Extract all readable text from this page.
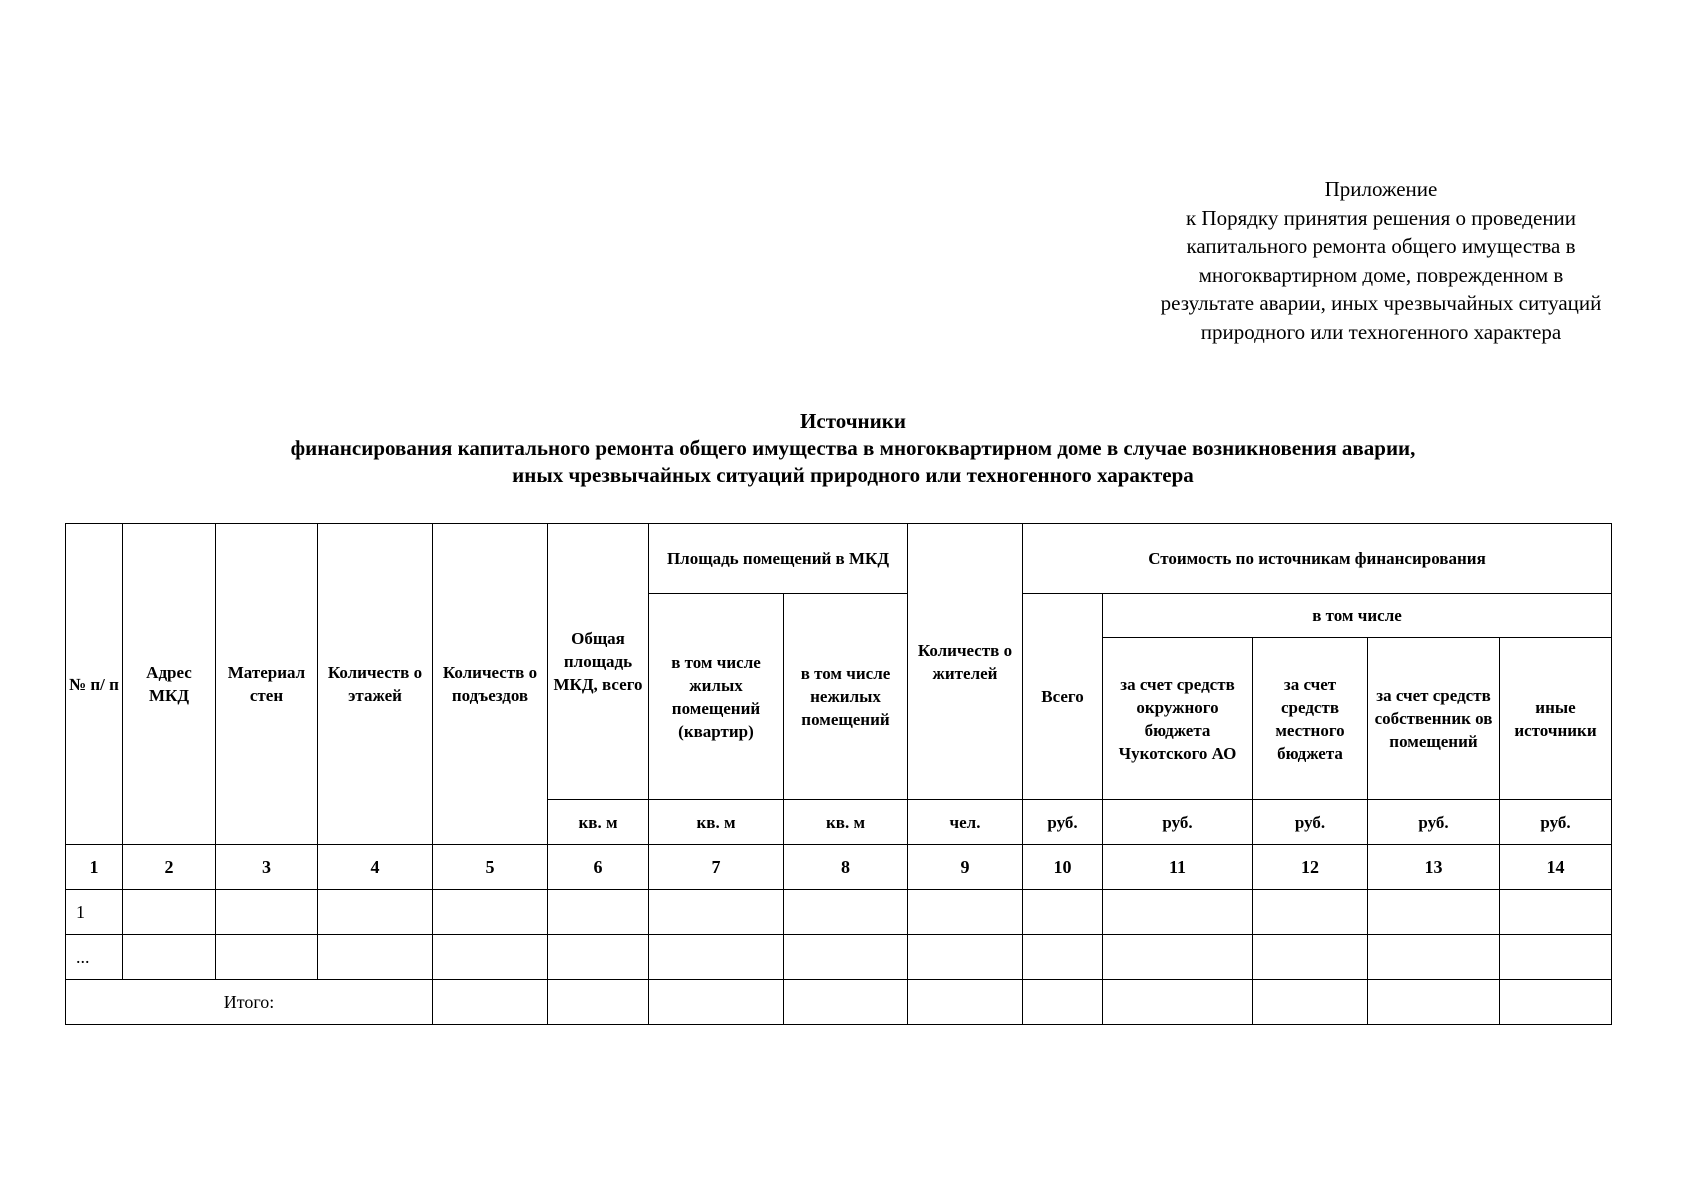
Приложение
к Порядку принятия решения о проведении
капитального ремонта общего имущества в
многоквартирном доме, поврежденном в
результате аварии, иных чрезвычайных ситуаций
природного или техногенного характера
Источники
финансирования капитального ремонта общего имущества в многоквартирном доме в случае возникновения аварии,
иных чрезвычайных ситуаций природного или техногенного характера
№ п/ п	Адрес МКД	Материал стен	Количеств о этажей	Количеств о подъездов	Общая площадь МКД, всего	Площадь помещений в МКД		Количеств о жителей	Стоимость по источникам финансирования				
						в том числе жилых помещений (квартир)	в том числе нежилых помещений		Всего	в том числе			
										за счет средств окружного бюджета Чукотского АО	за счет средств местного бюджета	за счет средств собственник ов помещений	иные источники
					кв. м	кв. м	кв. м	чел.	руб.	руб.	руб.	руб.	руб.
1	2	3	4	5	6	7	8	9	10	11	12	13	14
1													
...													
Итого:													
